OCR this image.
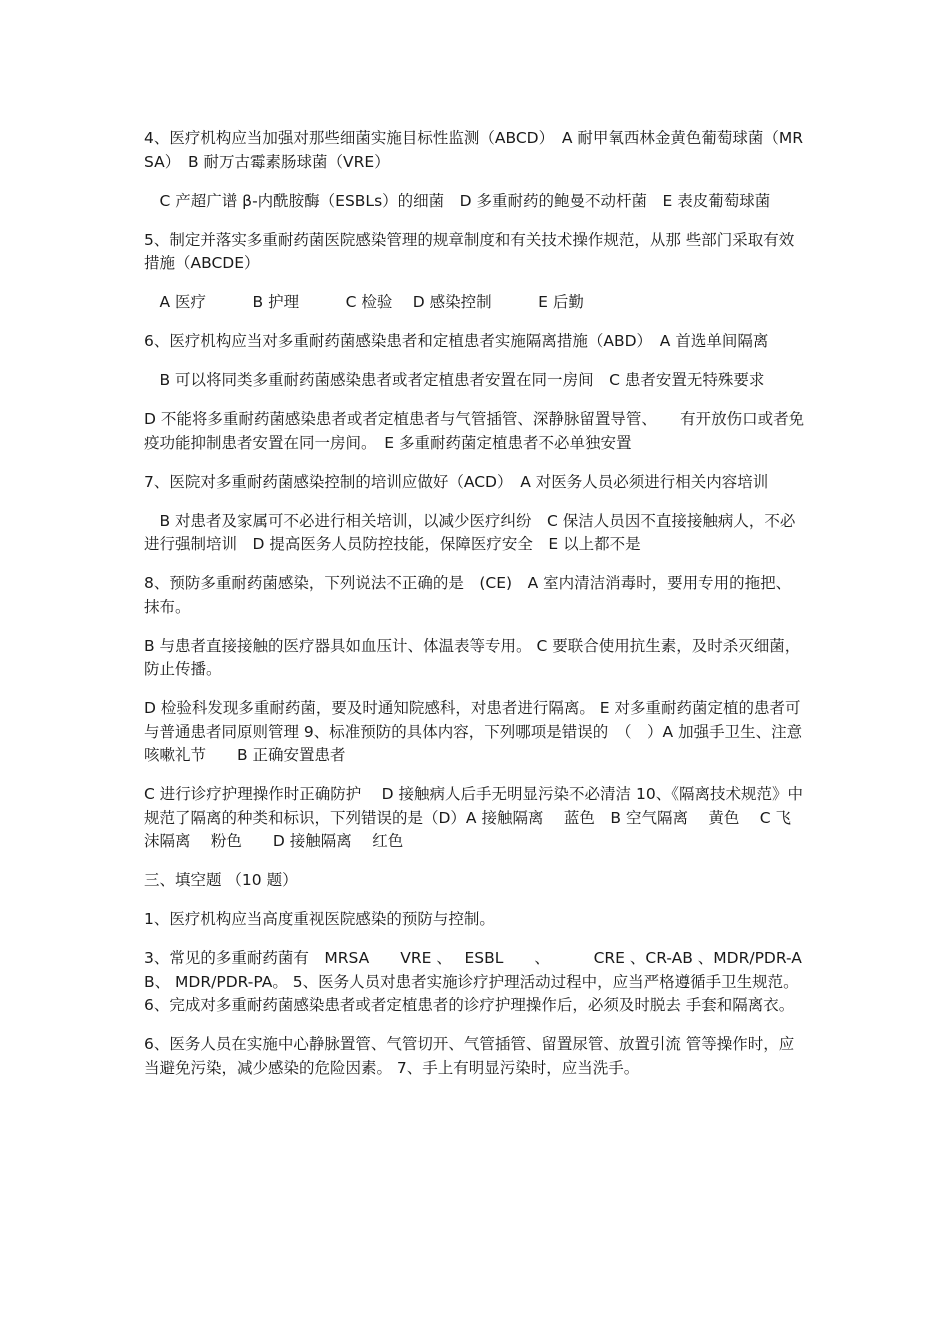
4、医疗机构应当加强对那些细菌实施目标性监测（ABCD）　A 耐甲氧西林金黄色葡萄球菌（MRSA）　B 耐万古霉素肠球菌（VRE）

　C 产超广谱 β-内酰胺酶（ESBLs）的细菌　D 多重耐药的鲍曼不动杆菌　E 表皮葡萄球菌

5、制定并落实多重耐药菌医院感染管理的规章制度和有关技术操作规范，从那 些部门采取有效措施（ABCDE）

　A 医疗　　　B 护理　　　C 检验　 D 感染控制　　　E 后勤

6、医疗机构应当对多重耐药菌感染患者和定植患者实施隔离措施（ABD）　A 首选单间隔离

　B 可以将同类多重耐药菌感染患者或者定植患者安置在同一房间　C 患者安置无特殊要求

D 不能将多重耐药菌感染患者或者定植患者与气管插管、深静脉留置导管、　　有开放伤口或者免疫功能抑制患者安置在同一房间。　E 多重耐药菌定植患者不必单独安置

7、医院对多重耐药菌感染控制的培训应做好（ACD）　A 对医务人员必须进行相关内容培训

　B 对患者及家属可不必进行相关培训，以减少医疗纠纷　C 保洁人员因不直接接触病人，不必进行强制培训　D 提高医务人员防控技能，保障医疗安全　E 以上都不是

8、预防多重耐药菌感染，下列说法不正确的是　(CE)　A 室内清洁消毒时，要用专用的拖把、抹布。

B 与患者直接接触的医疗器具如血压计、体温表等专用。 C 要联合使用抗生素，及时杀灭细菌，防止传播。

D 检验科发现多重耐药菌，要及时通知院感科，对患者进行隔离。 E 对多重耐药菌定植的患者可与普通患者同原则管理 9、标准预防的具体内容，下列哪项是错误的　（　）A 加强手卫生、注意咳嗽礼节　　B 正确安置患者

C 进行诊疗护理操作时正确防护　 D 接触病人后手无明显污染不必清洁 10、《隔离技术规范》中规范了隔离的种类和标识，下列错误的是（D）A 接触隔离　 蓝色　B 空气隔离　 黄色　 C 飞沫隔离　 粉色　　D 接触隔离　 红色

三、填空题 （10 题）

1、医疗机构应当高度重视医院感染的预防与控制。

3、常见的多重耐药菌有　MRSA　　VRE 、　 ESBL　　、　　　 CRE 、CR-AB 、MDR/PDR-AB、 MDR/PDR-PA。 5、医务人员对患者实施诊疗护理活动过程中，应当严格遵循手卫生规范。 6、完成对多重耐药菌感染患者或者定植患者的诊疗护理操作后，必须及时脱去 手套和隔离衣。

6、医务人员在实施中心静脉置管、气管切开、气管插管、留置尿管、放置引流 管等操作时，应当避免污染，减少感染的危险因素。 7、手上有明显污染时，应当洗手。
